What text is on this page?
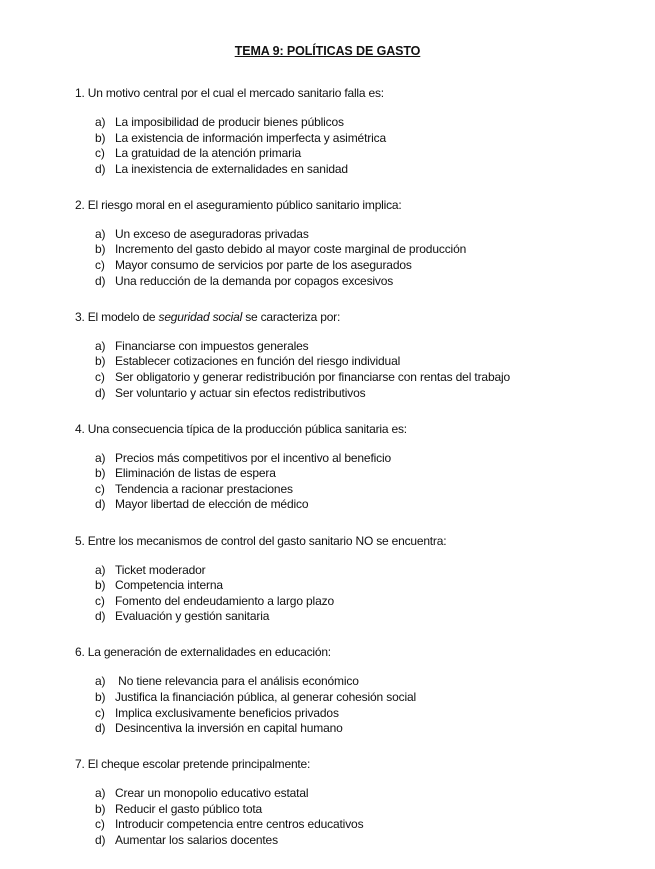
TEMA 9: POLÍTICAS DE GASTO
1. Un motivo central por el cual el mercado sanitario falla es:
a) La imposibilidad de producir bienes públicos
b) La existencia de información imperfecta y asimétrica
c) La gratuidad de la atención primaria
d) La inexistencia de externalidades en sanidad
2. El riesgo moral en el aseguramiento público sanitario implica:
a) Un exceso de aseguradoras privadas
b) Incremento del gasto debido al mayor coste marginal de producción
c) Mayor consumo de servicios por parte de los asegurados
d) Una reducción de la demanda por copagos excesivos
3. El modelo de seguridad social se caracteriza por:
a) Financiarse con impuestos generales
b) Establecer cotizaciones en función del riesgo individual
c) Ser obligatorio y generar redistribución por financiarse con rentas del trabajo
d) Ser voluntario y actuar sin efectos redistributivos
4. Una consecuencia típica de la producción pública sanitaria es:
a) Precios más competitivos por el incentivo al beneficio
b) Eliminación de listas de espera
c) Tendencia a racionar prestaciones
d) Mayor libertad de elección de médico
5. Entre los mecanismos de control del gasto sanitario NO se encuentra:
a) Ticket moderador
b) Competencia interna
c) Fomento del endeudamiento a largo plazo
d) Evaluación y gestión sanitaria
6. La generación de externalidades en educación:
a) No tiene relevancia para el análisis económico
b) Justifica la financiación pública, al generar cohesión social
c) Implica exclusivamente beneficios privados
d) Desincentiva la inversión en capital humano
7. El cheque escolar pretende principalmente:
a) Crear un monopolio educativo estatal
b) Reducir el gasto público tota
c) Introducir competencia entre centros educativos
d) Aumentar los salarios docentes
